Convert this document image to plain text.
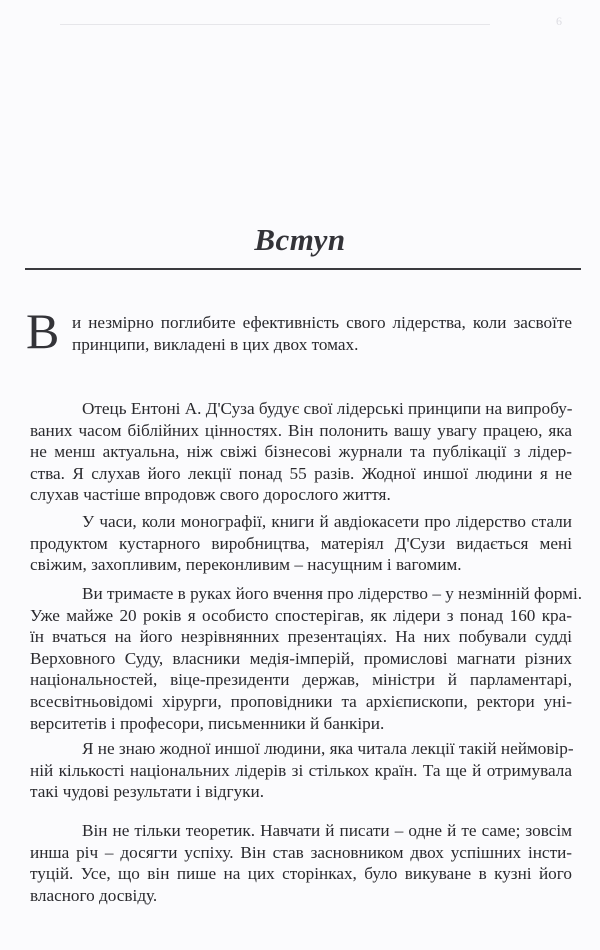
6
Вступ
В и незмірно поглибите ефективність свого лідерства, коли засвоїте
принципи, викладені в цих двох томах.
Отець Ентоні А. Д'Суза будує свої лідерські принципи на випробу-
ваних часом біблійних цінностях. Він полонить вашу увагу працею, яка
не менш актуальна, ніж свіжі бізнесові журнали та публікації з лідер-
ства. Я слухав його лекції понад 55 разів. Жодної иншої людини я не
слухав частіше впродовж свого дорослого життя.
У часи, коли монографії, книги й авдіокасети про лідерство стали
продуктом кустарного виробництва, матеріял Д'Сузи видається мені
свіжим, захопливим, переконливим – насущним і вагомим.
Ви тримаєте в руках його вчення про лідерство – у незмінній формі.
Уже майже 20 років я особисто спостерігав, як лідери з понад 160 кра-
їн вчаться на його незрівнянних презентаціях. На них побували судді
Верховного Суду, власники медія-імперій, промислові магнати різних
національностей, віце-президенти держав, міністри й парламентарі,
всесвітньовідомі хірурги, проповідники та архієпископи, ректори уні-
верситетів і професори, письменники й банкіри.
Я не знаю жодної иншої людини, яка читала лекції такій неймовір-
ній кількості національних лідерів зі стількох країн. Та ще й отримувала
такі чудові результати і відгуки.
Він не тільки теоретик. Навчати й писати – одне й те саме; зовсім
инша річ – досягти успіху. Він став засновником двох успішних інсти-
туцій. Усе, що він пише на цих сторінках, було викуване в кузні його
власного досвіду.
